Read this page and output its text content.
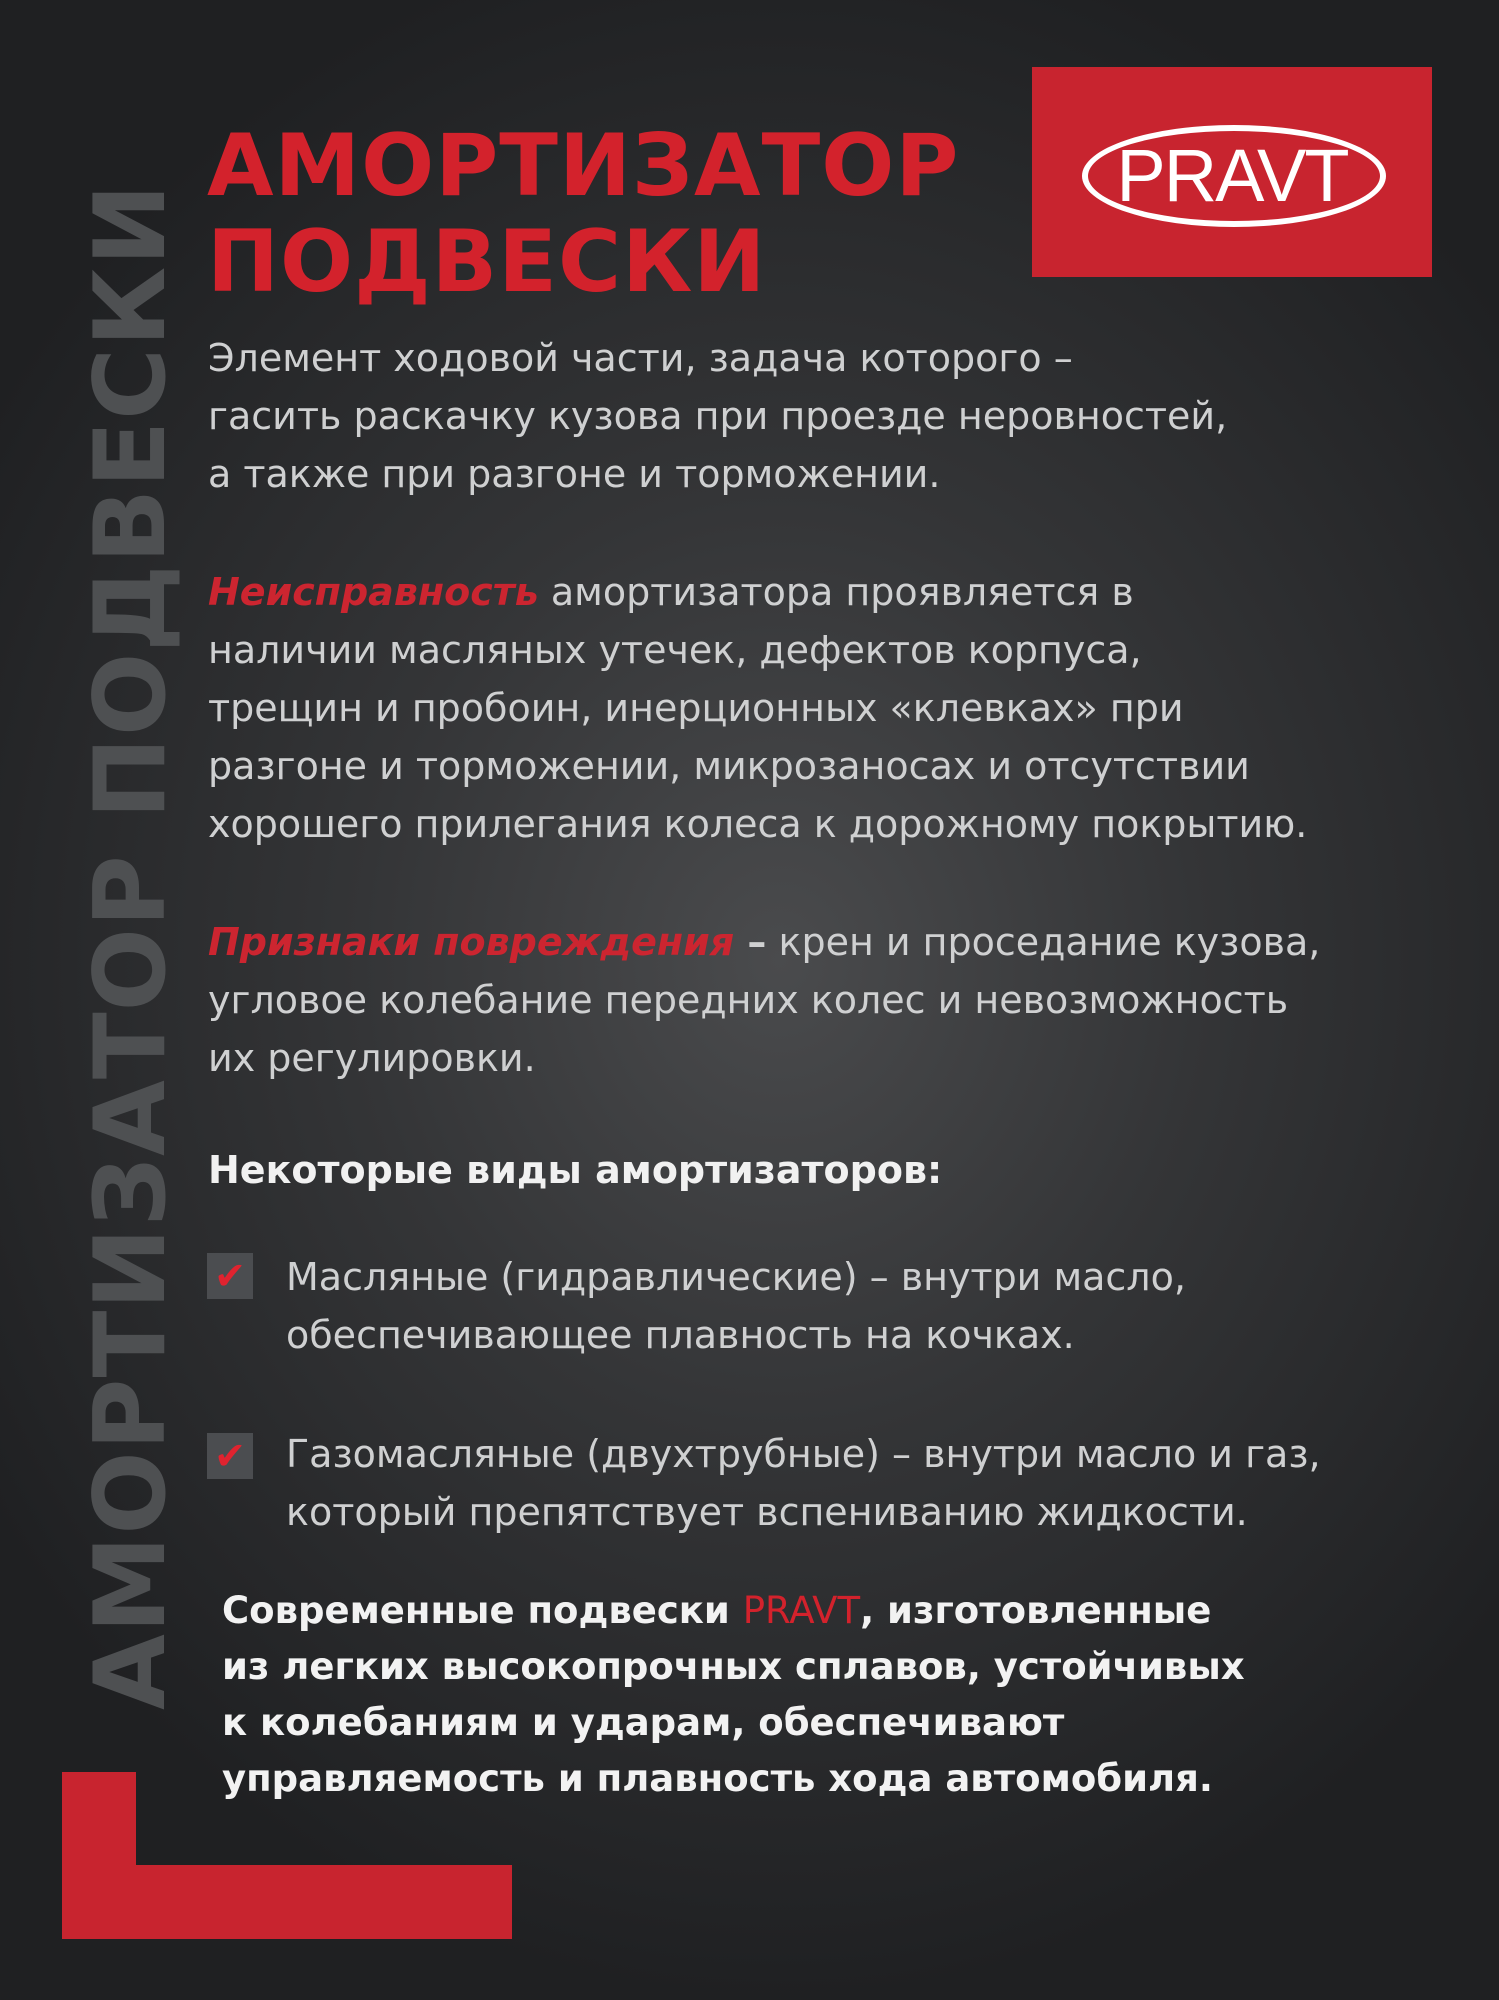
АМОРТИЗАТОР ПОДВЕСКИ
PRAVT
АМОРТИЗАТОР
ПОДВЕСКИ

Элемент ходовой части, задача которого –
гасить раскачку кузова при проезде неровностей,
а также при разгоне и торможении.

Неисправность амортизатора проявляется в
наличии масляных утечек, дефектов корпуса,
трещин и пробоин, инерционных «клевках» при
разгоне и торможении, микрозаносах и отсутствии
хорошего прилегания колеса к дорожному покрытию.

Признаки повреждения – крен и проседание кузова,
угловое колебание передних колес и невозможность
их регулировки.

Некоторые виды амортизаторов:
✔ Масляные (гидравлические) – внутри масло,
обеспечивающее плавность на кочках.

✔ Газомасляные (двухтрубные) – внутри масло и газ,
который препятствует вспениванию жидкости.

Современные подвески PRAVT, изготовленные
из легких высокопрочных сплавов, устойчивых
к колебаниям и ударам, обеспечивают
управляемость и плавность хода автомобиля.
